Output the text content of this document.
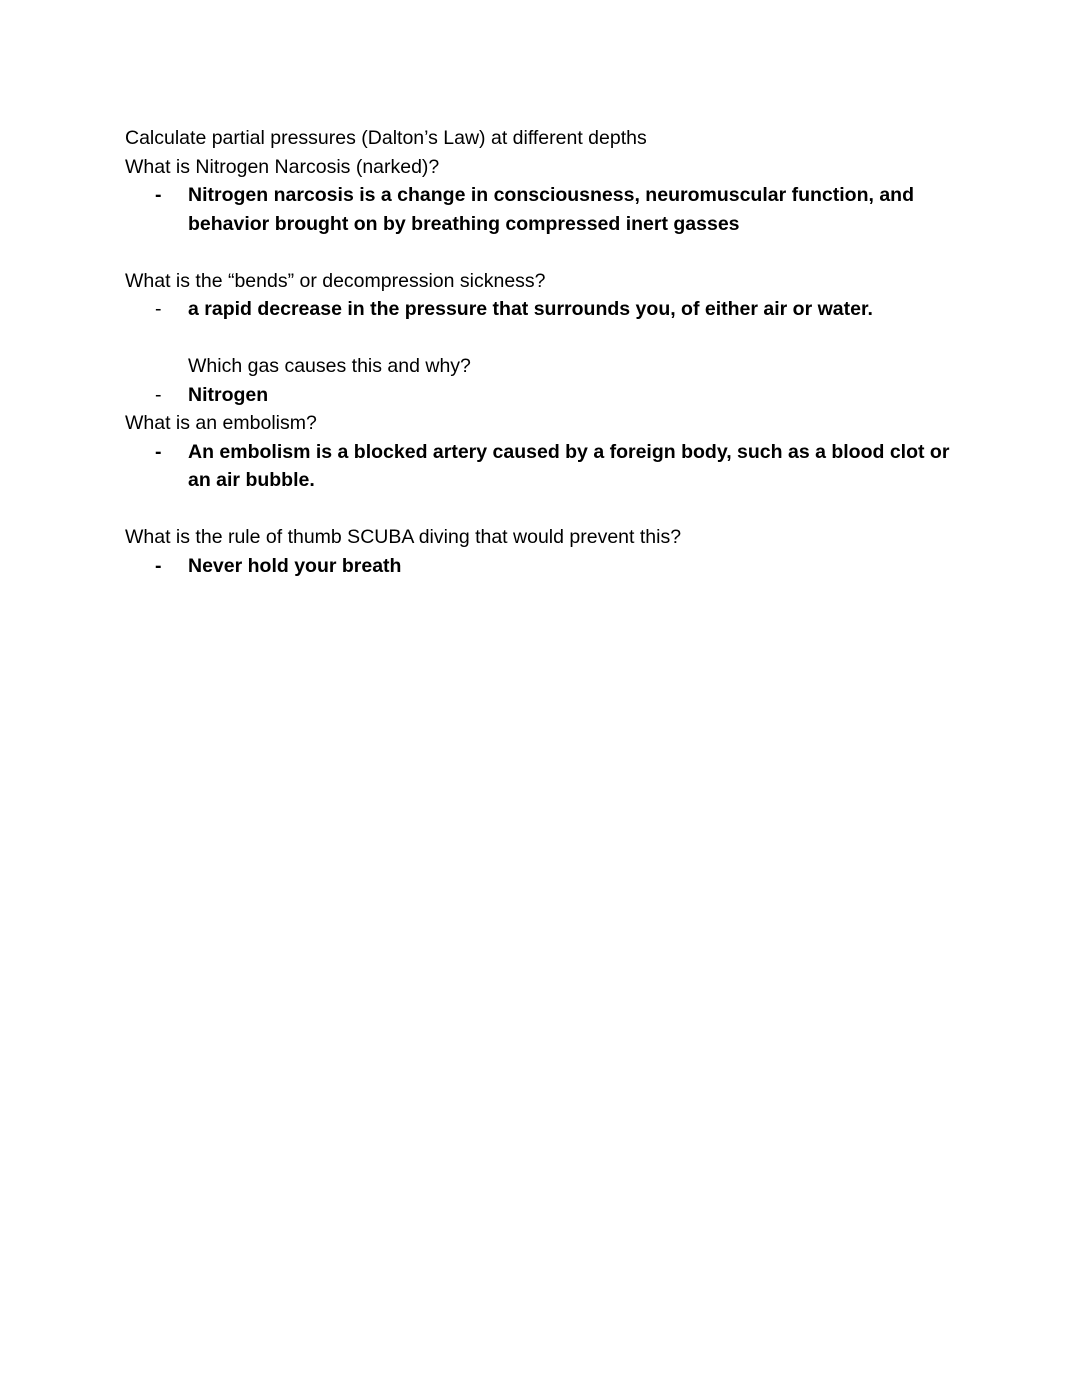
Calculate partial pressures (Dalton’s Law) at different depths
What is Nitrogen Narcosis (narked)?
-	Nitrogen narcosis is a change in consciousness, neuromuscular function, and behavior brought on by breathing compressed inert gasses
What is the “bends” or decompression sickness?
-	a rapid decrease in the pressure that surrounds you, of either air or water.
Which gas causes this and why?
-	Nitrogen
What is an embolism?
-	An embolism is a blocked artery caused by a foreign body, such as a blood clot or an air bubble.
What is the rule of thumb SCUBA diving that would prevent this?
-	Never hold your breath
